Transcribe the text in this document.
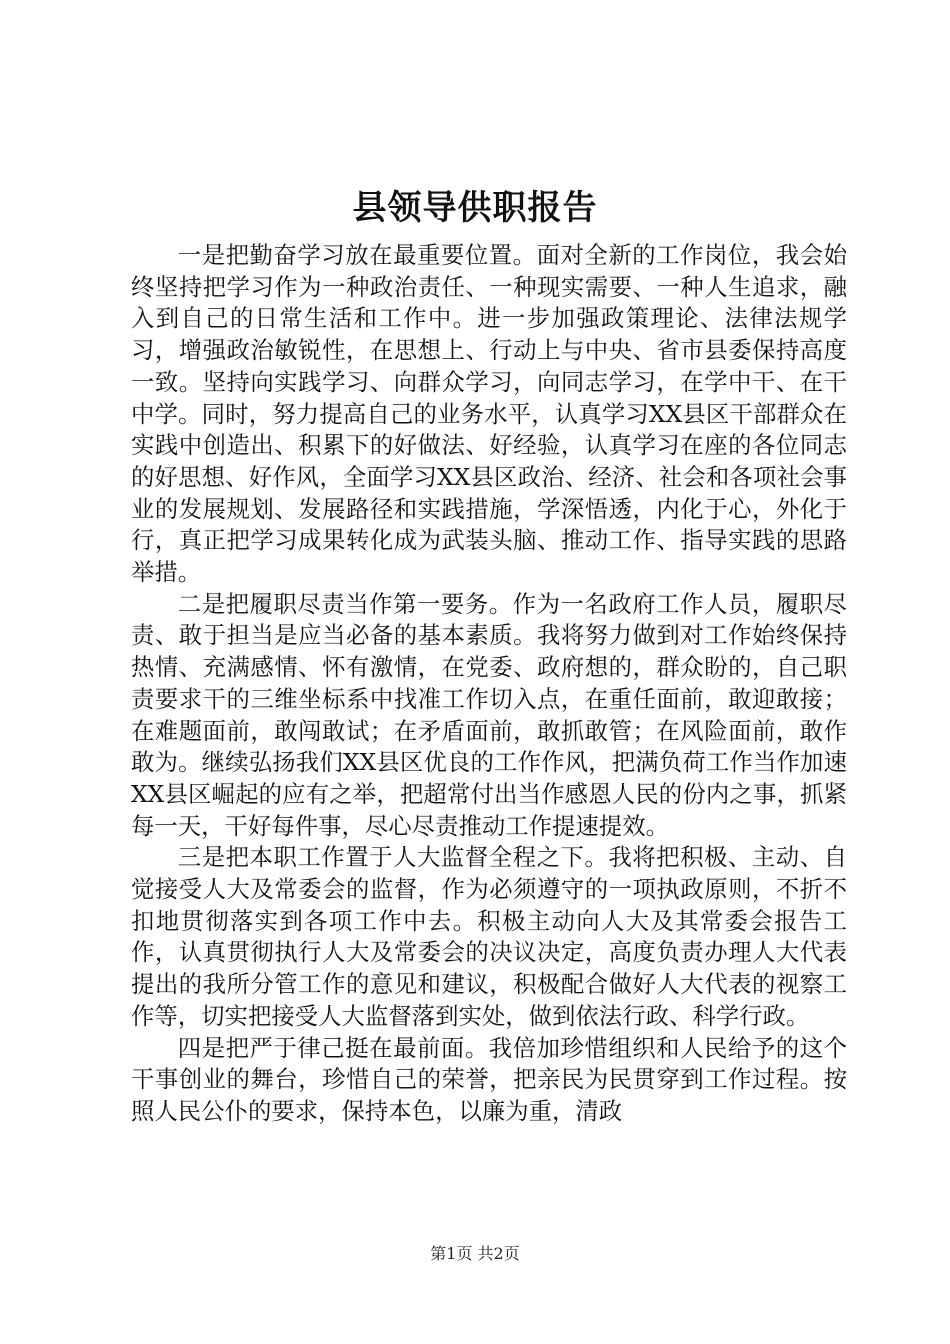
县领导供职报告

一是把勤奋学习放在最重要位置。面对全新的工作岗位，我会始终坚持把学习作为一种政治责任、一种现实需要、一种人生追求，融入到自己的日常生活和工作中。进一步加强政策理论、法律法规学习，增强政治敏锐性，在思想上、行动上与中央、省市县委保持高度一致。坚持向实践学习、向群众学习，向同志学习，在学中干、在干中学。同时，努力提高自己的业务水平，认真学习XX县区干部群众在实践中创造出、积累下的好做法、好经验，认真学习在座的各位同志的好思想、好作风，全面学习XX县区政治、经济、社会和各项社会事业的发展规划、发展路径和实践措施，学深悟透，内化于心，外化于行，真正把学习成果转化成为武装头脑、推动工作、指导实践的思路举措。

二是把履职尽责当作第一要务。作为一名政府工作人员，履职尽责、敢于担当是应当必备的基本素质。我将努力做到对工作始终保持热情、充满感情、怀有激情，在党委、政府想的，群众盼的，自己职责要求干的三维坐标系中找准工作切入点，在重任面前，敢迎敢接；在难题面前，敢闯敢试；在矛盾面前，敢抓敢管；在风险面前，敢作敢为。继续弘扬我们XX县区优良的工作作风，把满负荷工作当作加速XX县区崛起的应有之举，把超常付出当作感恩人民的份内之事，抓紧每一天，干好每件事，尽心尽责推动工作提速提效。

三是把本职工作置于人大监督全程之下。我将把积极、主动、自觉接受人大及常委会的监督，作为必须遵守的一项执政原则，不折不扣地贯彻落实到各项工作中去。积极主动向人大及其常委会报告工作，认真贯彻执行人大及常委会的决议决定，高度负责办理人大代表提出的我所分管工作的意见和建议，积极配合做好人大代表的视察工作等，切实把接受人大监督落到实处，做到依法行政、科学行政。

四是把严于律己挺在最前面。我倍加珍惜组织和人民给予的这个干事创业的舞台，珍惜自己的荣誉，把亲民为民贯穿到工作过程。按照人民公仆的要求，保持本色，以廉为重，清政

第1页 共2页
